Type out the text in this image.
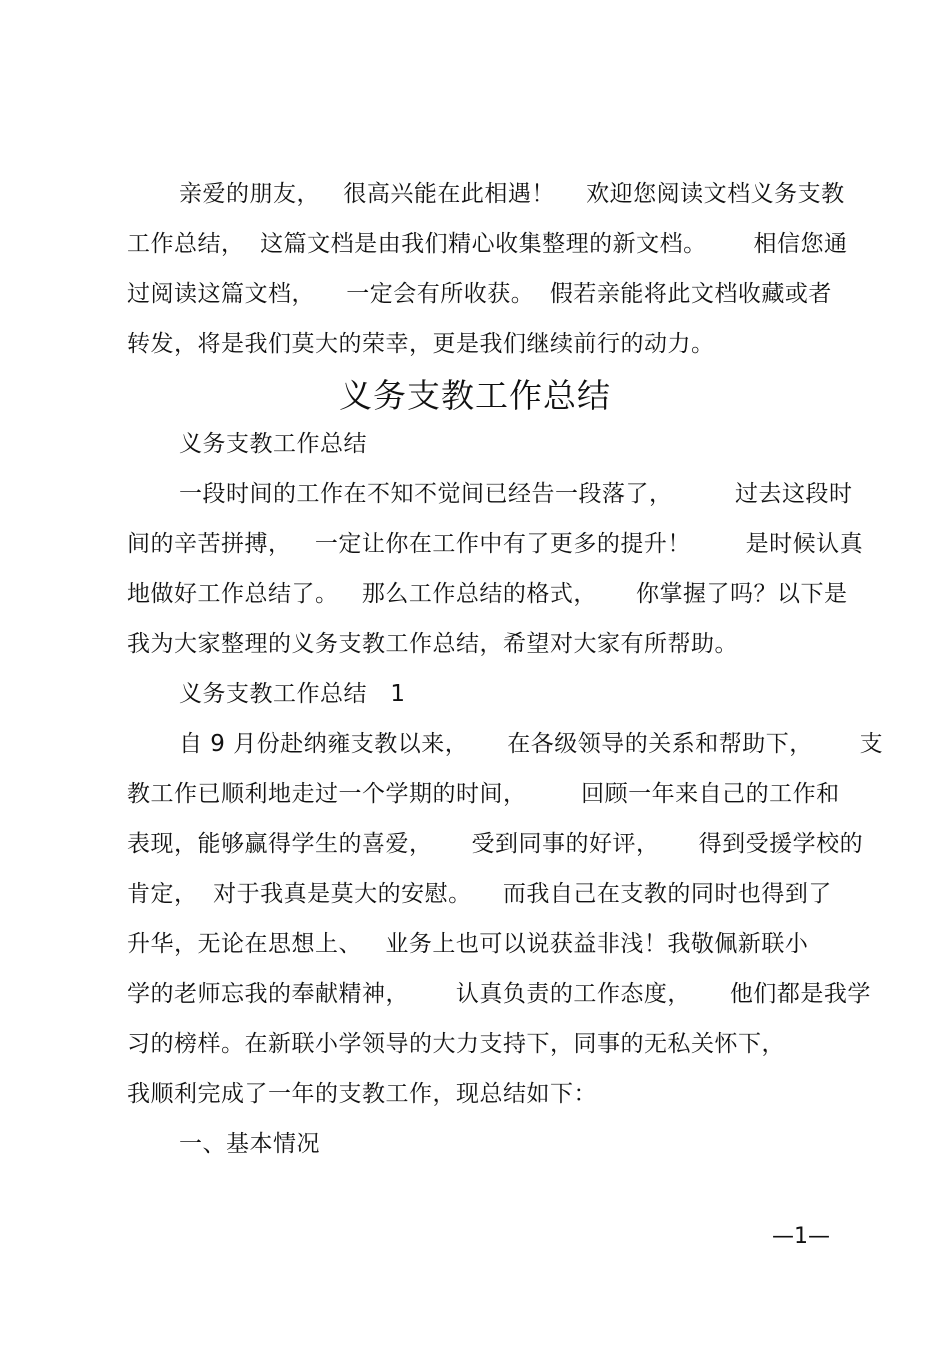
亲爱的朋友，   很高兴能在此相遇！    欢迎您阅读文档义务支教
工作总结，  这篇文档是由我们精心收集整理的新文档。      相信您通
过阅读这篇文档，    一定会有所收获。  假若亲能将此文档收藏或者
转发，将是我们莫大的荣幸，更是我们继续前行的动力。
义务支教工作总结
义务支教工作总结
一段时间的工作在不知不觉间已经告一段落了，        过去这段时
间的辛苦拼搏，   一定让你在工作中有了更多的提升！       是时候认真
地做好工作总结了。   那么工作总结的格式，     你掌握了吗？以下是
我为大家整理的义务支教工作总结，希望对大家有所帮助。
义务支教工作总结   1
自 9 月份赴纳雍支教以来，     在各级领导的关系和帮助下，      支
教工作已顺利地走过一个学期的时间，       回顾一年来自己的工作和
表现，能够赢得学生的喜爱，     受到同事的好评，     得到受援学校的
肯定，  对于我真是莫大的安慰。    而我自己在支教的同时也得到了
升华，无论在思想上、   业务上也可以说获益非浅！我敬佩新联小
学的老师忘我的奉献精神，      认真负责的工作态度，     他们都是我学
习的榜样。在新联小学领导的大力支持下，同事的无私关怀下，
我顺利完成了一年的支教工作，现总结如下：
一、基本情况
—1—
